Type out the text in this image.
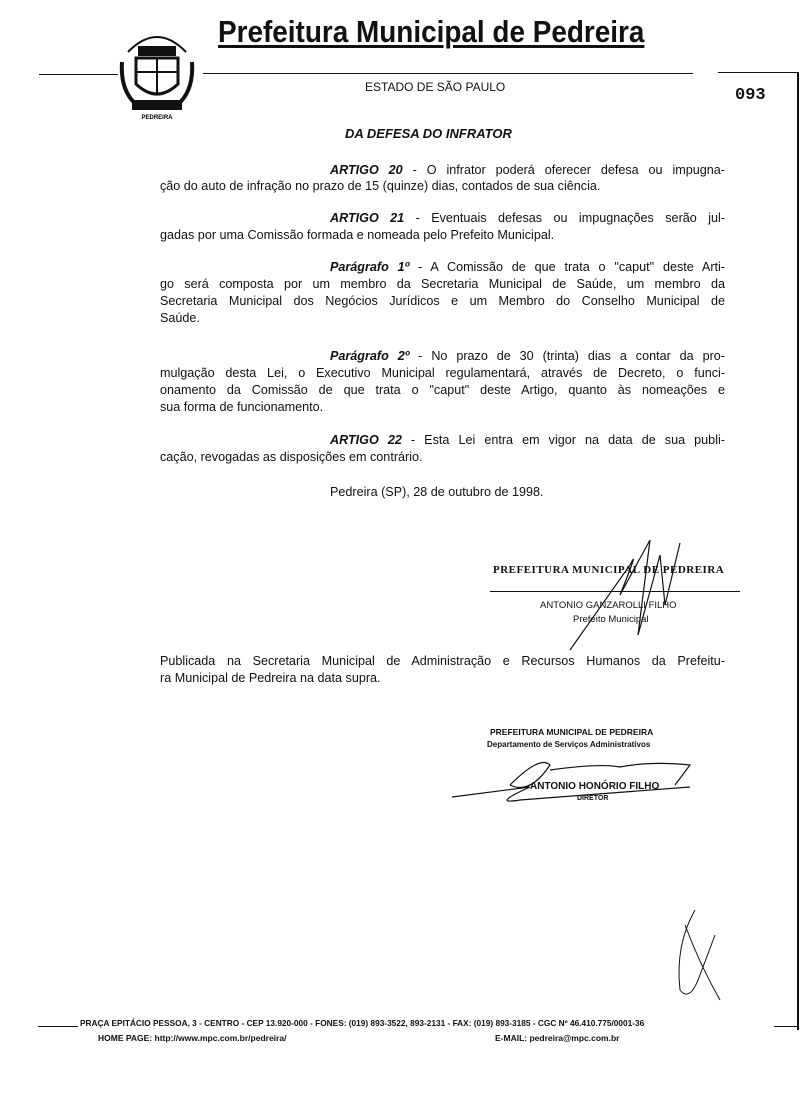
PEDREIRA
Prefeitura Municipal de Pedreira
ESTADO DE SÃO PAULO	093
DA DEFESA DO INFRATOR
ARTIGO 20 - O infrator poderá oferecer defesa ou impugna-
ção do auto de infração no prazo de 15 (quinze) dias, contados de sua ciência.
ARTIGO 21 - Eventuais defesas ou impugnações serão jul-
gadas por uma Comissão formada e nomeada pelo Prefeito Municipal.
Parágrafo 1º - A Comissão de que trata o "caput" deste Arti-
go será composta por um membro da Secretaria Municipal de Saúde, um membro da
Secretaria Municipal dos Negócios Jurídicos e um Membro do Conselho Municipal de
Saúde.
Parágrafo 2º - No prazo de 30 (trinta) dias a contar da pro-
mulgação desta Lei, o Executivo Municipal regulamentará, através de Decreto, o funci-
onamento da Comissão de que trata o "caput" deste Artigo, quanto às nomeações e
sua forma de funcionamento.
ARTIGO 22 - Esta Lei entra em vigor na data de sua publi-
cação, revogadas as disposições em contrário.
Pedreira (SP), 28 de outubro de 1998.
PREFEITURA MUNICIPAL DE PEDREIRA
ANTONIO GANZAROLLI FILHO
Prefeito Municipal
Publicada na Secretaria Municipal de Administração e Recursos Humanos da Prefeitu-
ra Municipal de Pedreira na data supra.
PREFEITURA MUNICIPAL DE PEDREIRA
Departamento de Serviços Administrativos
ANTONIO HONÓRIO FILHO
DIRETOR
PRAÇA EPITÁCIO PESSOA, 3 - CENTRO - CEP 13.920-000 - FONES: (019) 893-3522, 893-2131 - FAX: (019) 893-3185 - CGC Nº 46.410.775/0001-36
HOME PAGE: http://www.mpc.com.br/pedreira/	E-MAIL: pedreira@mpc.com.br
